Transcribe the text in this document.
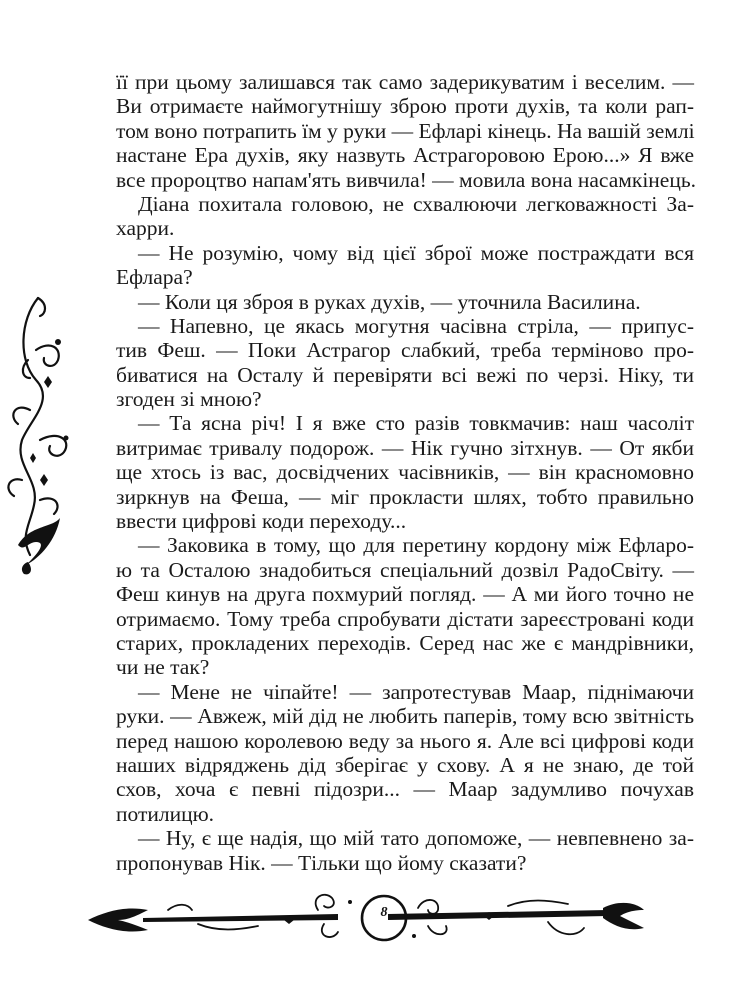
її при цьому залишався так само задерикуватим і веселим. —
Ви отримаєте наймогутнішу зброю проти духів, та коли рап-
том воно потрапить їм у руки — Ефларі кінець. На вашій землі
настане Ера духів, яку назвуть Астрагоровою Ерою...» Я вже
все пророцтво напам'ять вивчила! — мовила вона насамкінець.
Діана похитала головою, не схвалюючи легковажності За-
харри.
— Не розумію, чому від цієї зброї може постраждати вся
Ефлара?
— Коли ця зброя в руках духів, — уточнила Василина.
— Напевно, це якась могутня часівна стріла, — припус-
тив Феш. — Поки Астрагор слабкий, треба терміново про-
биватися на Осталу й перевіряти всі вежі по черзі. Ніку, ти
згоден зі мною?
— Та ясна річ! І я вже сто разів товкмачив: наш часоліт
витримає тривалу подорож. — Нік гучно зітхнув. — От якби
ще хтось із вас, досвідчених часівників, — він красномовно
зиркнув на Феша, — міг прокласти шлях, тобто правильно
ввести цифрові коди переходу...
— Заковика в тому, що для перетину кордону між Ефларо-
ю та Осталою знадобиться спеціальний дозвіл РадоСвіту. —
Феш кинув на друга похмурий погляд. — А ми його точно не
отримаємо. Тому треба спробувати дістати зареєстровані коди
старих, прокладених переходів. Серед нас же є мандрівники,
чи не так?
— Мене не чіпайте! — запротестував Маар, піднімаючи
руки. — Авжеж, мій дід не любить паперів, тому всю звітність
перед нашою королевою веду за нього я. Але всі цифрові коди
наших відряджень дід зберігає у схову. А я не знаю, де той
схов, хоча є певні підозри... — Маар задумливо почухав
потилицю.
— Ну, є ще надія, що мій тато допоможе, — невпевнено за-
пропонував Нік. — Тільки що йому сказати?
8
